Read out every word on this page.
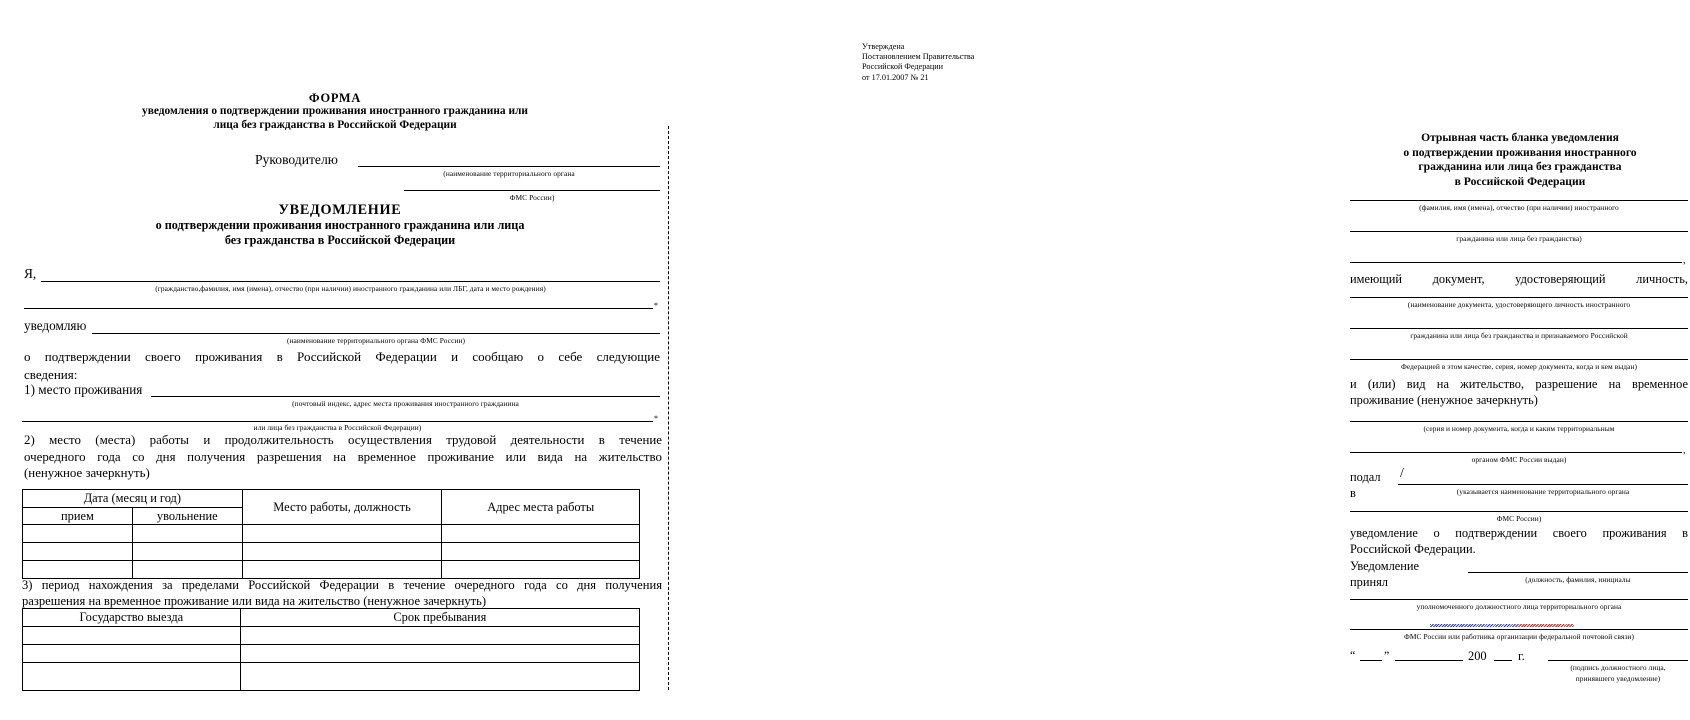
Утверждена
Постановлением Правительства
Российской Федерации
от 17.01.2007 № 21
ФОРМА
уведомления о подтверждении проживания иностранного гражданина или
лица без гражданства в Российской Федерации
Руководителю
(наименование территориального органа
ФМС России)
УВЕДОМЛЕНИЕ
о подтверждении проживания иностранного гражданина или лица
без гражданства в Российской Федерации
Я,
(гражданство,фамилия, имя (имена), отчество (при наличии) иностранного гражданина или ЛБГ, дата и место рождения)
*
уведомляю
(наименование территориального органа ФМС России)
о подтверждении своего проживания в Российской Федерации и сообщаю о себе следующие
сведения:
1) место проживания
(почтовый индекс, адрес места проживания иностранного гражданина
*
или лица без гражданства в Российской Федерации)
2) место (места) работы и продолжительность осуществления трудовой деятельности в течение
очередного года со дня получения разрешения на временное проживание или вида на жительство
(ненужное зачеркнуть)
Дата (месяц и год)		Место работы, должность	Адрес места работы
прием	увольнение		

3) период нахождения за пределами Российской Федерации в течение очередного года со дня получения
разрешения на временное проживание или вида на жительство (ненужное зачеркнуть)
Государство выезда	Срок пребывания

Отрывная часть бланка уведомления
о подтверждении проживания иностранного
гражданина или лица без гражданства
в Российской Федерации
(фамилия, имя (имена), отчество (при наличии) иностранного
гражданина или лица без гражданства)
,
имеющий документ, удостоверяющий личность,
(наименование документа, удостоверяющего личность иностранного
гражданина или лица без гражданства и признаваемого Российской
Федерацией в этом качестве, серия, номер документа, когда и кем выдан)
и (или) вид на жительство, разрешение на временное
проживание (ненужное зачеркнуть)
(серия и номер документа, когда и каким территориальным
,
органом ФМС России выдан)
подал в
/
(указывается наименование территориального органа
ФМС России)
уведомление о подтверждении своего проживания в
Российской Федерации.
Уведомление принял	(должность, фамилия, инициалы
уполномоченного должностного лица территориального органа
ФМС России или работника организации федеральной почтовой связи)
“ ”	200	г.
(подпись должностного лица,
принявшего уведомление)
